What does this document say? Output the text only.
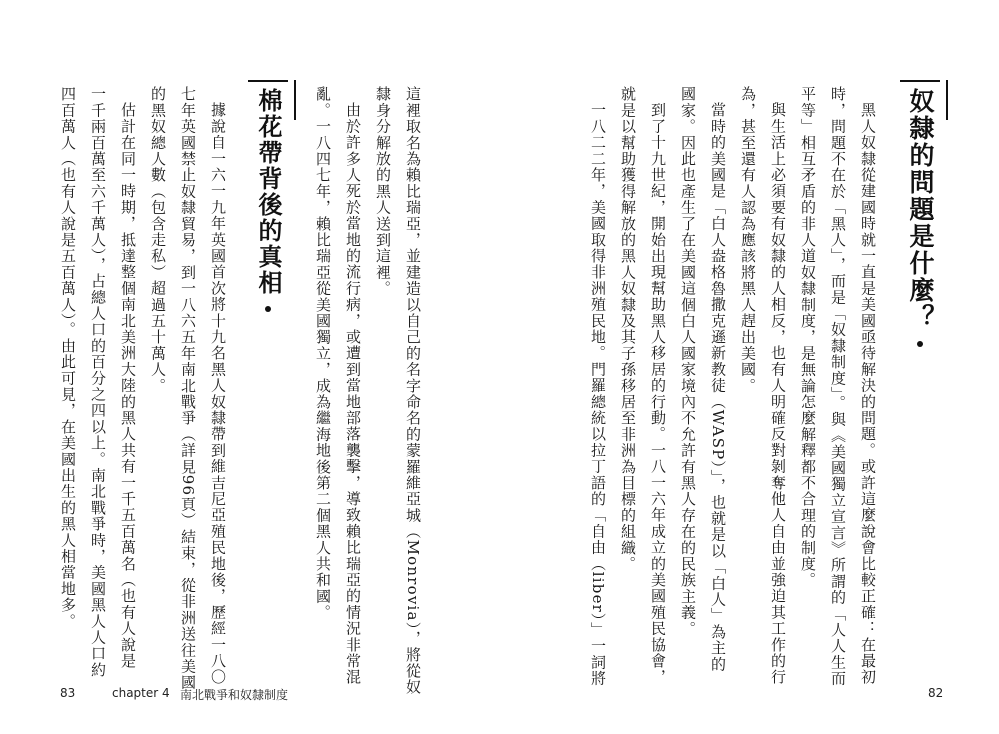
奴隸的問題是什麼？
黑人奴隸從建國時就一直是美國亟待解決的問題。或許這麼說會比較正確：在最初
時，問題不在於「黑人」，而是「奴隸制度」。與《美國獨立宣言》所謂的「人人生而
平等」相互矛盾的非人道奴隸制度，是無論怎麼解釋都不合理的制度。
與生活上必須要有奴隸的人相反，也有人明確反對剝奪他人自由並強迫其工作的行
為，甚至還有人認為應該將黑人趕出美國。
當時的美國是「白人盎格魯撒克遜新教徒（WASP）」，也就是以「白人」為主的
國家。因此也產生了在美國這個白人國家境內不允許有黑人存在的民族主義。
到了十九世紀，開始出現幫助黑人移居的行動。一八一六年成立的美國殖民協會，
就是以幫助獲得解放的黑人奴隸及其子孫移居至非洲為目標的組織。
一八二二年，美國取得非洲殖民地。門羅總統以拉丁語的「自由（liber）」一詞將
這裡取名為賴比瑞亞，並建造以自己的名字命名的蒙羅維亞城（Monrovia），將從奴
隸身分解放的黑人送到這裡。
由於許多人死於當地的流行病，或遭到當地部落襲擊，導致賴比瑞亞的情況非常混
亂。一八四七年，賴比瑞亞從美國獨立，成為繼海地後第二個黑人共和國。
棉花帶背後的真相
據說自一六一九年英國首次將十九名黑人奴隸帶到維吉尼亞殖民地後，歷經一八〇
七年英國禁止奴隸貿易，到一八六五年南北戰爭（詳見96頁）結束，從非洲送往美國
的黑奴總人數（包含走私）超過五十萬人。
估計在同一時期，抵達整個南北美洲大陸的黑人共有一千五百萬名（也有人說是
一千兩百萬至六千萬人），占總人口的百分之四以上。南北戰爭時，美國黑人人口約
四百萬人（也有人說是五百萬人）。由此可見，在美國出生的黑人相當地多。
83	chapter 4 南北戰爭和奴隸制度	82
